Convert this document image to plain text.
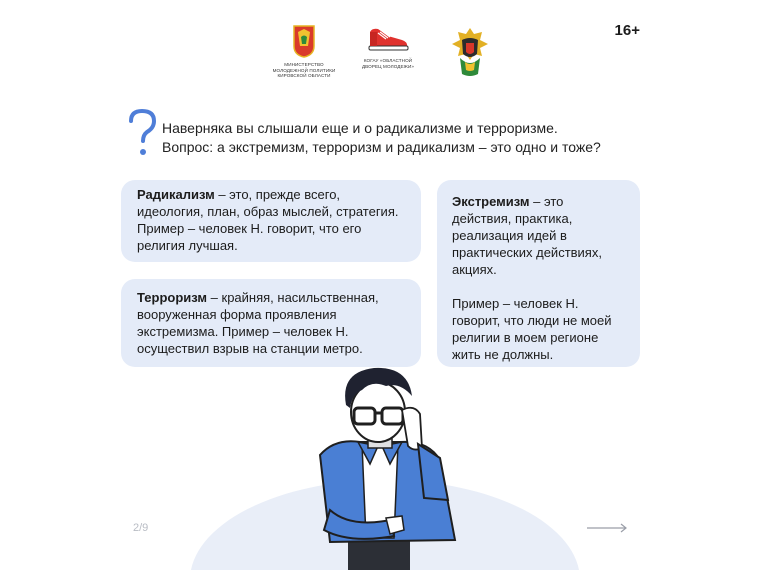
МИНИСТЕРСТВО МОЛОДЕЖНОЙ ПОЛИТИКИ КИРОВСКОЙ ОБЛАСТИ
КОГАУ «ОБЛАСТНОЙ ДВОРЕЦ МОЛОДЕЖИ»
16+
Наверняка вы слышали еще и о радикализме и терроризме.
Вопрос: а экстремизм, терроризм и радикализм – это одно и тоже?
Радикализм – это, прежде всего, идеология, план, образ мыслей, стратегия. Пример – человек Н. говорит, что его религия лучшая.
Терроризм – крайняя, насильственная, вооруженная форма проявления экстремизма. Пример – человек Н. осуществил взрыв на станции метро.
Экстремизм – это действия, практика, реализация идей в практических действиях, акциях.
Пример – человек Н. говорит, что люди не моей религии в моем регионе жить не должны.
2/9
